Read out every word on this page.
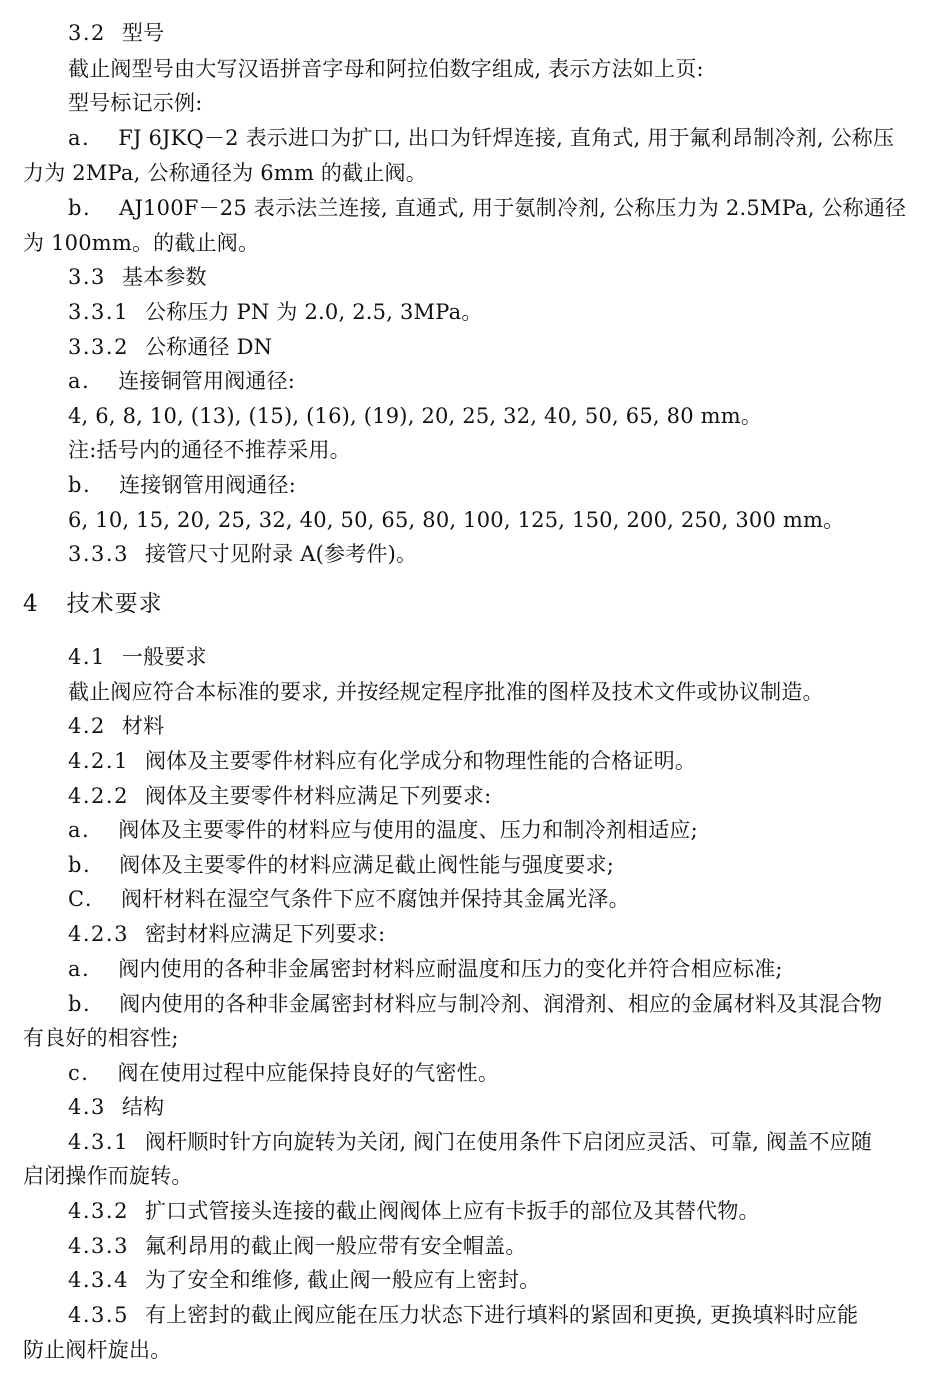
3.2 型号
截止阀型号由大写汉语拼音字母和阿拉伯数字组成, 表示方法如上页:
型号标记示例:
a. FJ 6JKQ－2 表示进口为扩口, 出口为钎焊连接, 直角式, 用于氟利昂制冷剂, 公称压
力为 2MPa, 公称通径为 6mm 的截止阀。
b. AJ100F－25 表示法兰连接, 直通式, 用于氨制冷剂, 公称压力为 2.5MPa, 公称通径
为 100mm。的截止阀。
3.3 基本参数
3.3.1 公称压力 PN 为 2.0, 2.5, 3MPa。
3.3.2 公称通径 DN
a. 连接铜管用阀通径:
4, 6, 8, 10, (13), (15), (16), (19), 20, 25, 32, 40, 50, 65, 80 mm。
注:括号内的通径不推荐采用。
b. 连接钢管用阀通径:
6, 10, 15, 20, 25, 32, 40, 50, 65, 80, 100, 125, 150, 200, 250, 300 mm。
3.3.3 接管尺寸见附录 A(参考件)。
4 技术要求
4.1 一般要求
截止阀应符合本标准的要求, 并按经规定程序批准的图样及技术文件或协议制造。
4.2 材料
4.2.1 阀体及主要零件材料应有化学成分和物理性能的合格证明。
4.2.2 阀体及主要零件材料应满足下列要求:
a. 阀体及主要零件的材料应与使用的温度、压力和制冷剂相适应;
b. 阀体及主要零件的材料应满足截止阀性能与强度要求;
C. 阀杆材料在湿空气条件下应不腐蚀并保持其金属光泽。
4.2.3 密封材料应满足下列要求:
a. 阀内使用的各种非金属密封材料应耐温度和压力的变化并符合相应标准;
b. 阀内使用的各种非金属密封材料应与制冷剂、润滑剂、相应的金属材料及其混合物
有良好的相容性;
c. 阀在使用过程中应能保持良好的气密性。
4.3 结构
4.3.1 阀杆顺时针方向旋转为关闭, 阀门在使用条件下启闭应灵活、可靠, 阀盖不应随
启闭操作而旋转。
4.3.2 扩口式管接头连接的截止阀阀体上应有卡扳手的部位及其替代物。
4.3.3 氟利昂用的截止阀一般应带有安全帽盖。
4.3.4 为了安全和维修, 截止阀一般应有上密封。
4.3.5 有上密封的截止阀应能在压力状态下进行填料的紧固和更换, 更换填料时应能
防止阀杆旋出。
